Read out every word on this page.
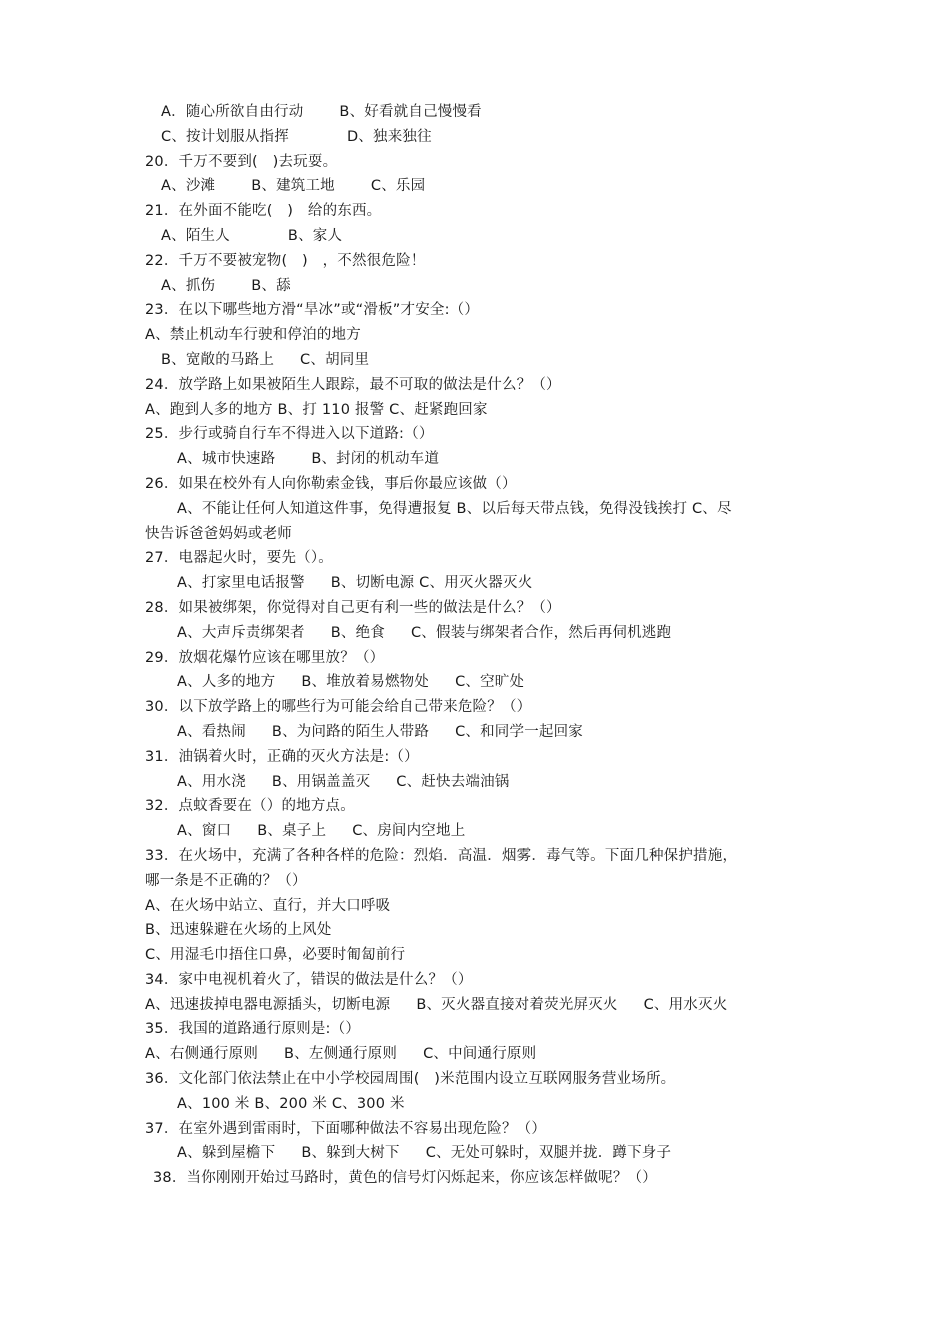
A．随心所欲自由行动 B、好看就自己慢慢看
C、按计划服从指挥	D、独来独往
20．千万不要到(　)去玩耍。
A、沙滩 B、建筑工地 C、乐园
21．在外面不能吃(　)　给的东西。
A、陌生人	B、家人
22．千万不要被宠物(　)　，不然很危险！
A、抓伤 B、舔
23．在以下哪些地方滑“旱冰”或“滑板”才安全:（）
A、禁止机动车行驶和停泊的地方
B、宽敞的马路上 C、胡同里
24．放学路上如果被陌生人跟踪，最不可取的做法是什么？（）
A、跑到人多的地方 B、打 110 报警 C、赶紧跑回家
25．步行或骑自行车不得进入以下道路:（）
A、城市快速路 B、封闭的机动车道
26．如果在校外有人向你勒索金钱，事后你最应该做（）
A、不能让任何人知道这件事，免得遭报复 B、以后每天带点钱，免得没钱挨打 C、尽
快告诉爸爸妈妈或老师
27．电器起火时，要先（）。
A、打家里电话报警 B、切断电源 C、用灭火器灭火
28．如果被绑架，你觉得对自己更有利一些的做法是什么？（）
A、大声斥责绑架者 B、绝食 C、假装与绑架者合作，然后再伺机逃跑
29．放烟花爆竹应该在哪里放？（）
A、人多的地方 B、堆放着易燃物处 C、空旷处
30．以下放学路上的哪些行为可能会给自己带来危险？（）
A、看热闹 B、为问路的陌生人带路 C、和同学一起回家
31．油锅着火时，正确的灭火方法是:（）
A、用水浇 B、用锅盖盖灭 C、赶快去端油锅
32．点蚊香要在（）的地方点。
A、窗口 B、桌子上 C、房间内空地上
33．在火场中，充满了各种各样的危险：烈焰．高温．烟雾．毒气等。下面几种保护措施，
哪一条是不正确的？（）
A、在火场中站立、直行，并大口呼吸
B、迅速躲避在火场的上风处
C、用湿毛巾捂住口鼻，必要时匍匐前行
34．家中电视机着火了，错误的做法是什么？（）
A、迅速拔掉电器电源插头，切断电源 B、灭火器直接对着荧光屏灭火 C、用水灭火
35．我国的道路通行原则是:（）
A、右侧通行原则 B、左侧通行原则 C、中间通行原则
36．文化部门依法禁止在中小学校园周围(　)米范围内设立互联网服务营业场所。
A、100 米 B、200 米 C、300 米
37．在室外遇到雷雨时，下面哪种做法不容易出现危险？（）
A、躲到屋檐下 B、躲到大树下 C、无处可躲时，双腿并拢．蹲下身子
38．当你刚刚开始过马路时，黄色的信号灯闪烁起来，你应该怎样做呢？（）
